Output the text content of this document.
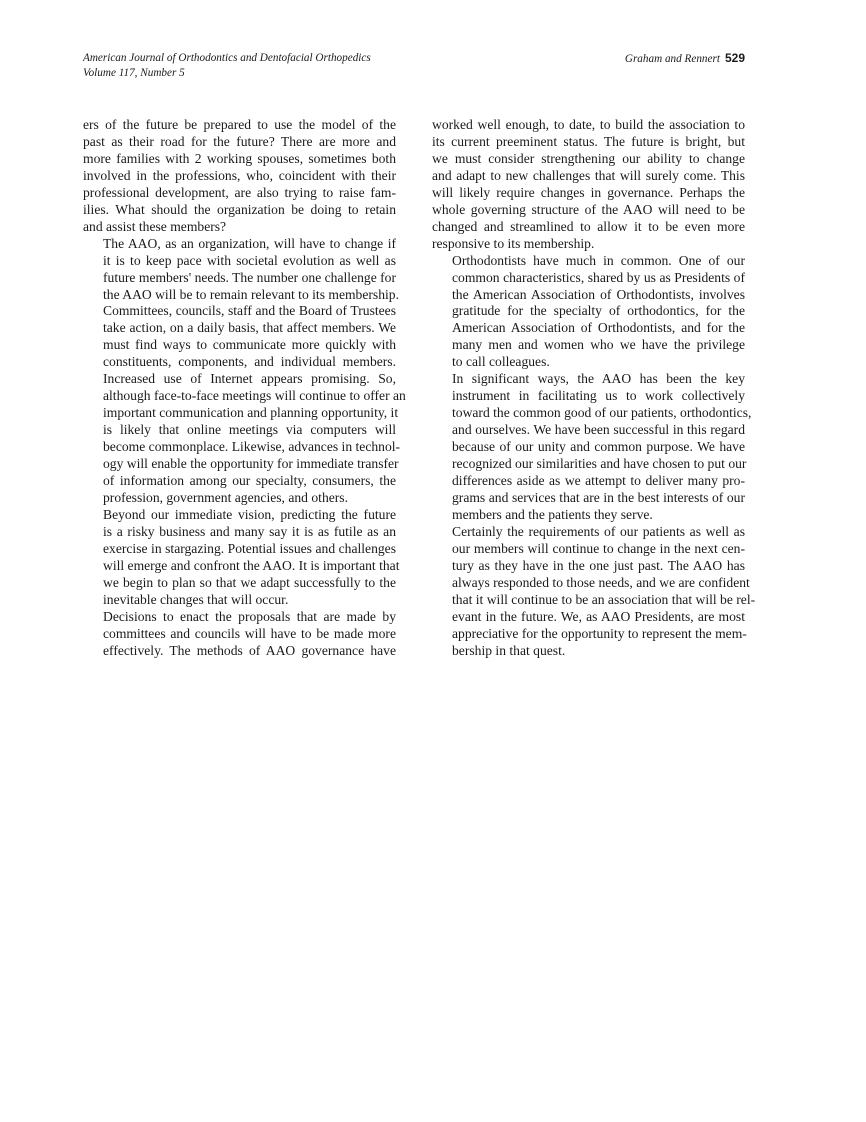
American Journal of Orthodontics and Dentofacial Orthopedics
Volume 117, Number 5
Graham and Rennert 529

ers of the future be prepared to use the model of the
past as their road for the future? There are more and
more families with 2 working spouses, sometimes both
involved in the professions, who, coincident with their
professional development, are also trying to raise fam-
ilies. What should the organization be doing to retain
and assist these members?

The AAO, as an organization, will have to change if
it is to keep pace with societal evolution as well as
future members' needs. The number one challenge for
the AAO will be to remain relevant to its membership.
Committees, councils, staff and the Board of Trustees
take action, on a daily basis, that affect members. We
must find ways to communicate more quickly with
constituents, components, and individual members.
Increased use of Internet appears promising. So,
although face-to-face meetings will continue to offer an
important communication and planning opportunity, it
is likely that online meetings via computers will
become commonplace. Likewise, advances in technol-
ogy will enable the opportunity for immediate transfer
of information among our specialty, consumers, the
profession, government agencies, and others.

Beyond our immediate vision, predicting the future
is a risky business and many say it is as futile as an
exercise in stargazing. Potential issues and challenges
will emerge and confront the AAO. It is important that
we begin to plan so that we adapt successfully to the
inevitable changes that will occur.

Decisions to enact the proposals that are made by
committees and councils will have to be made more
effectively. The methods of AAO governance have

worked well enough, to date, to build the association to
its current preeminent status. The future is bright, but
we must consider strengthening our ability to change
and adapt to new challenges that will surely come. This
will likely require changes in governance. Perhaps the
whole governing structure of the AAO will need to be
changed and streamlined to allow it to be even more
responsive to its membership.

Orthodontists have much in common. One of our
common characteristics, shared by us as Presidents of
the American Association of Orthodontists, involves
gratitude for the specialty of orthodontics, for the
American Association of Orthodontists, and for the
many men and women who we have the privilege
to call colleagues.

In significant ways, the AAO has been the key
instrument in facilitating us to work collectively
toward the common good of our patients, orthodontics,
and ourselves. We have been successful in this regard
because of our unity and common purpose. We have
recognized our similarities and have chosen to put our
differences aside as we attempt to deliver many pro-
grams and services that are in the best interests of our
members and the patients they serve.

Certainly the requirements of our patients as well as
our members will continue to change in the next cen-
tury as they have in the one just past. The AAO has
always responded to those needs, and we are confident
that it will continue to be an association that will be rel-
evant in the future. We, as AAO Presidents, are most
appreciative for the opportunity to represent the mem-
bership in that quest.
